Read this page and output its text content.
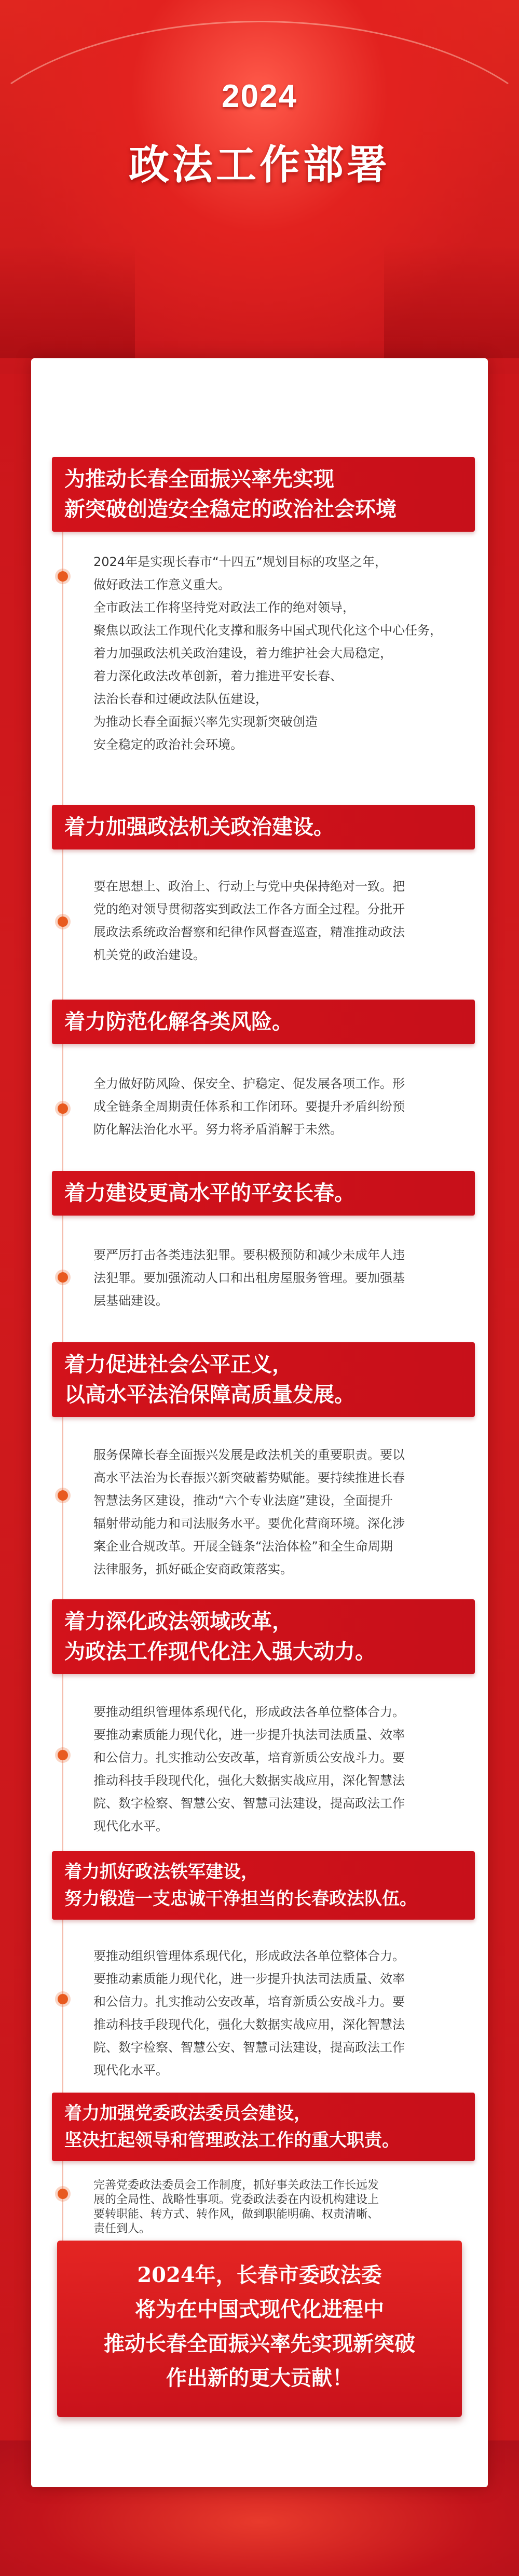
2024
政法工作部署
为推动长春全面振兴率先实现
新突破创造安全稳定的政治社会环境

2024年是实现长春市“十四五”规划目标的攻坚之年，

做好政法工作意义重大。

全市政法工作将坚持党对政法工作的绝对领导，

聚焦以政法工作现代化支撑和服务中国式现代化这个中心任务，

着力加强政法机关政治建设，着力维护社会大局稳定，

着力深化政法改革创新，着力推进平安长春、

法治长春和过硬政法队伍建设，

为推动长春全面振兴率先实现新突破创造

安全稳定的政治社会环境。

着力加强政法机关政治建设。

要在思想上、政治上、行动上与党中央保持绝对一致。把

党的绝对领导贯彻落实到政法工作各方面全过程。分批开

展政法系统政治督察和纪律作风督查巡查，精准推动政法

机关党的政治建设。

着力防范化解各类风险。

全力做好防风险、保安全、护稳定、促发展各项工作。形

成全链条全周期责任体系和工作闭环。要提升矛盾纠纷预

防化解法治化水平。努力将矛盾消解于未然。

着力建设更高水平的平安长春。

要严厉打击各类违法犯罪。要积极预防和减少未成年人违

法犯罪。要加强流动人口和出租房屋服务管理。要加强基

层基础建设。

着力促进社会公平正义，
以高水平法治保障高质量发展。

服务保障长春全面振兴发展是政法机关的重要职责。要以

高水平法治为长春振兴新突破蓄势赋能。要持续推进长春

智慧法务区建设，推动“六个专业法庭”建设，全面提升

辐射带动能力和司法服务水平。要优化营商环境。深化涉

案企业合规改革。开展全链条“法治体检”和全生命周期

法律服务，抓好砥企安商政策落实。

着力深化政法领域改革，
为政法工作现代化注入强大动力。

要推动组织管理体系现代化，形成政法各单位整体合力。

要推动素质能力现代化，进一步提升执法司法质量、效率

和公信力。扎实推动公安改革，培育新质公安战斗力。要

推动科技手段现代化，强化大数据实战应用，深化智慧法

院、数字检察、智慧公安、智慧司法建设，提高政法工作

现代化水平。

着力抓好政法铁军建设，
努力锻造一支忠诚干净担当的长春政法队伍。

要推动组织管理体系现代化，形成政法各单位整体合力。

要推动素质能力现代化，进一步提升执法司法质量、效率

和公信力。扎实推动公安改革，培育新质公安战斗力。要

推动科技手段现代化，强化大数据实战应用，深化智慧法

院、数字检察、智慧公安、智慧司法建设，提高政法工作

现代化水平。

着力加强党委政法委员会建设，
坚决扛起领导和管理政法工作的重大职责。

完善党委政法委员会工作制度，抓好事关政法工作长远发

展的全局性、战略性事项。党委政法委在内设机构建设上

要转职能、转方式、转作风，做到职能明确、权责清晰、

责任到人。

2024年，长春市委政法委
将为在中国式现代化进程中
推动长春全面振兴率先实现新突破
作出新的更大贡献！
